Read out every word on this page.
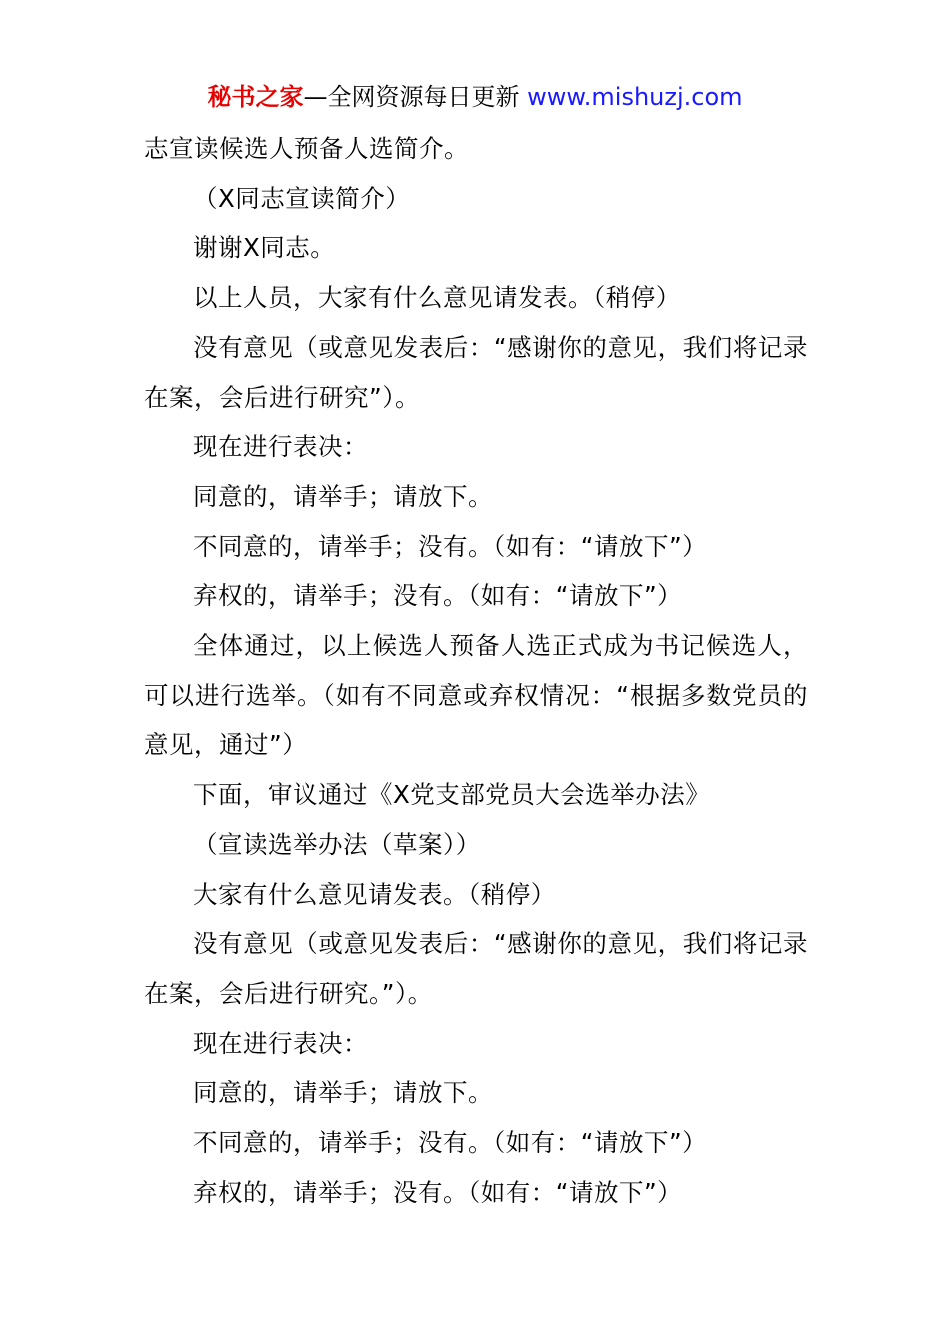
秘书之家—全网资源每日更新 www.mishuzj.com

志宣读候选人预备人选简介。

（X同志宣读简介）

谢谢X同志。

以上人员，大家有什么意见请发表。（稍停）

没有意见（或意见发表后：“感谢你的意见，我们将记录在案，会后进行研究”）。

现在进行表决：

同意的，请举手；请放下。

不同意的，请举手；没有。（如有：“请放下”）

弃权的，请举手；没有。（如有：“请放下”）

全体通过，以上候选人预备人选正式成为书记候选人，可以进行选举。（如有不同意或弃权情况：“根据多数党员的意见，通过”）

下面，审议通过《X党支部党员大会选举办法》

（宣读选举办法（草案））

大家有什么意见请发表。（稍停）

没有意见（或意见发表后：“感谢你的意见，我们将记录在案，会后进行研究。”）。

现在进行表决：

同意的，请举手；请放下。

不同意的，请举手；没有。（如有：“请放下”）

弃权的，请举手；没有。（如有：“请放下”）
